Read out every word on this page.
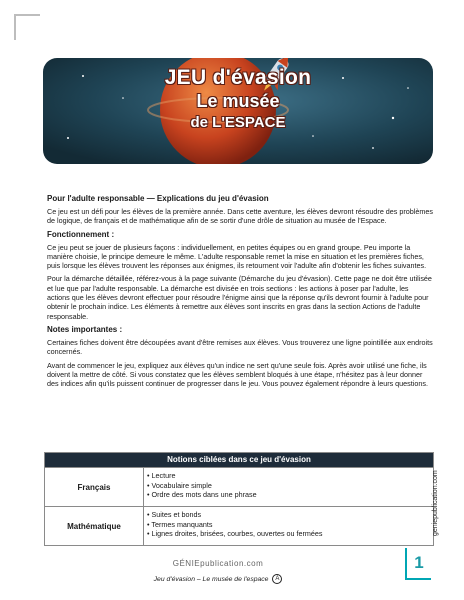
JEU d'évasion
Le musée
de L'ESPACE
Pour l'adulte responsable — Explications du jeu d'évasion

Ce jeu est un défi pour les élèves de la première année. Dans cette aventure, les élèves devront résoudre des problèmes de logique, de français et de mathématique afin de se sortir d'une drôle de situation au musée de l'Espace.

Fonctionnement :

Ce jeu peut se jouer de plusieurs façons : individuellement, en petites équipes ou en grand groupe. Peu importe la manière choisie, le principe demeure le même. L'adulte responsable remet la mise en situation et les premières fiches, puis lorsque les élèves trouvent les réponses aux énigmes, ils retournent voir l'adulte afin d'obtenir les fiches suivantes.

Pour la démarche détaillée, référez-vous à la page suivante (Démarche du jeu d'évasion). Cette page ne doit être utilisée et lue que par l'adulte responsable. La démarche est divisée en trois sections : les actions à poser par l'adulte, les actions que les élèves devront effectuer pour résoudre l'énigme ainsi que la réponse qu'ils devront fournir à l'adulte pour obtenir le prochain indice. Les éléments à remettre aux élèves sont inscrits en gras dans la section Actions de l'adulte responsable.

Notes importantes :

Certaines fiches doivent être découpées avant d'être remises aux élèves. Vous trouverez une ligne pointillée aux endroits concernés.

Avant de commencer le jeu, expliquez aux élèves qu'un indice ne sert qu'une seule fois. Après avoir utilisé une fiche, ils doivent la mettre de côté. Si vous constatez que les élèves semblent bloqués à une étape, n'hésitez pas à leur donner des indices afin qu'ils puissent continuer de progresser dans le jeu. Vous pouvez également répondre à leurs questions.

Notions ciblées dans ce jeu d'évasion
Français
• Lecture
• Vocabulaire simple
• Ordre des mots dans une phrase
Mathématique
• Suites et bonds
• Termes manquants
• Lignes droites, brisées, courbes, ouvertes ou fermées	geniepublication.com
1
GÉNIEpublication.com
Jeu d'évasion – Le musée de l'espace A
